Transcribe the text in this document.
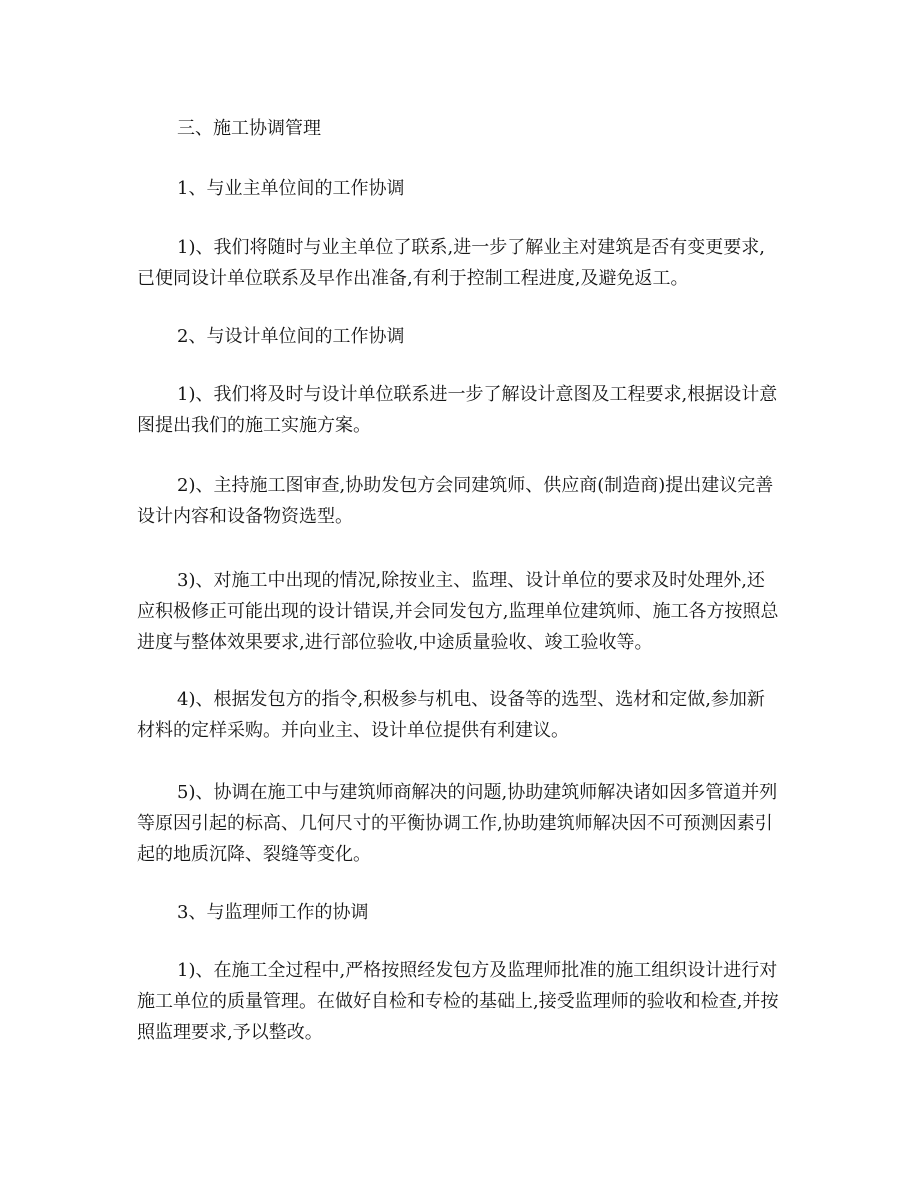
三、施工协调管理

1、与业主单位间的工作协调

1)、我们将随时与业主单位了联系,进一步了解业主对建筑是否有变更要求,
已便同设计单位联系及早作出准备,有利于控制工程进度,及避免返工。

2、与设计单位间的工作协调

1)、我们将及时与设计单位联系进一步了解设计意图及工程要求,根据设计意
图提出我们的施工实施方案。

2)、主持施工图审查,协助发包方会同建筑师、供应商(制造商)提出建议完善
设计内容和设备物资选型。

3)、对施工中出现的情况,除按业主、监理、设计单位的要求及时处理外,还
应积极修正可能出现的设计错误,并会同发包方,监理单位建筑师、施工各方按照总
进度与整体效果要求,进行部位验收,中途质量验收、竣工验收等。

4)、根据发包方的指令,积极参与机电、设备等的选型、选材和定做,参加新
材料的定样采购。并向业主、设计单位提供有利建议。

5)、协调在施工中与建筑师商解决的问题,协助建筑师解决诸如因多管道并列
等原因引起的标高、几何尺寸的平衡协调工作,协助建筑师解决因不可预测因素引
起的地质沉降、裂缝等变化。

3、与监理师工作的协调

1)、在施工全过程中,严格按照经发包方及监理师批准的施工组织设计进行对
施工单位的质量管理。在做好自检和专检的基础上,接受监理师的验收和检查,并按
照监理要求,予以整改。
